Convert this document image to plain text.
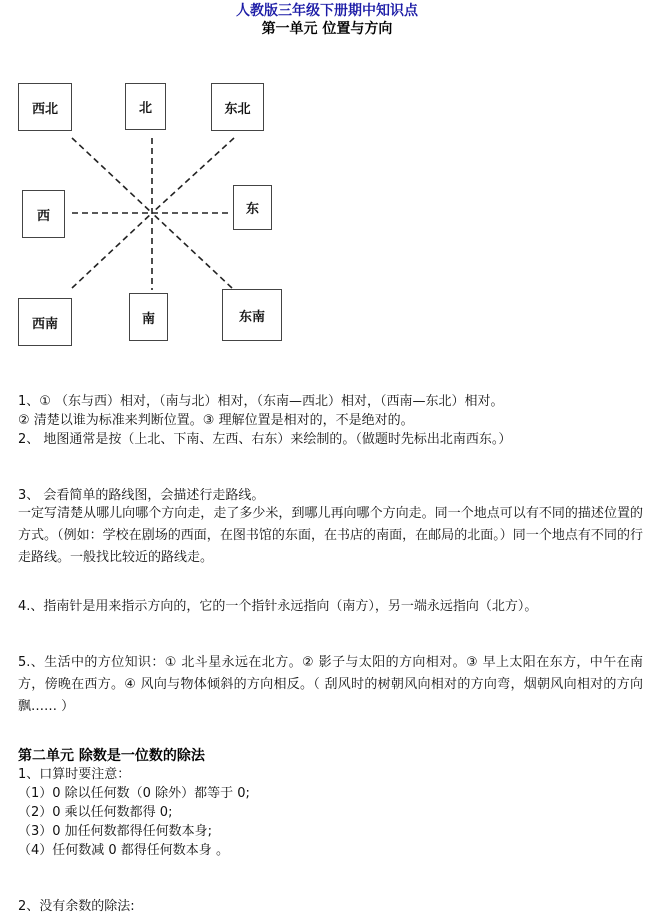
人教版三年级下册期中知识点
第一单元 位置与方向
西北	北	东北
西	东
西南	南	东南
1、① （东与西）相对，（南与北）相对，（东南—西北）相对，（西南—东北）相对。
② 清楚以谁为标准来判断位置。③ 理解位置是相对的，不是绝对的。
2、 地图通常是按（上北、下南、左西、右东）来绘制的。（做题时先标出北南西东。）
3、 会看简单的路线图，会描述行走路线。
一定写清楚从哪儿向哪个方向走，走了多少米，到哪儿再向哪个方向走。同一个地点可以有不同的描述位置的方式。（例如：学校在剧场的西面，在图书馆的东面，在书店的南面，在邮局的北面。）同一个地点有不同的行走路线。一般找比较近的路线走。
4.、指南针是用来指示方向的，它的一个指针永远指向（南方），另一端永远指向（北方）。
5.、生活中的方位知识：① 北斗星永远在北方。② 影子与太阳的方向相对。③ 早上太阳在东方，中午在南方，傍晚在西方。④ 风向与物体倾斜的方向相反。（ 刮风时的树朝风向相对的方向弯，烟朝风向相对的方向飘…… ）
第二单元 除数是一位数的除法
1、口算时要注意：
（1）0 除以任何数（0 除外）都等于 0;
（2）0 乘以任何数都得 0;
（3）0 加任何数都得任何数本身;
（4）任何数减 0 都得任何数本身 。
2、没有余数的除法:
